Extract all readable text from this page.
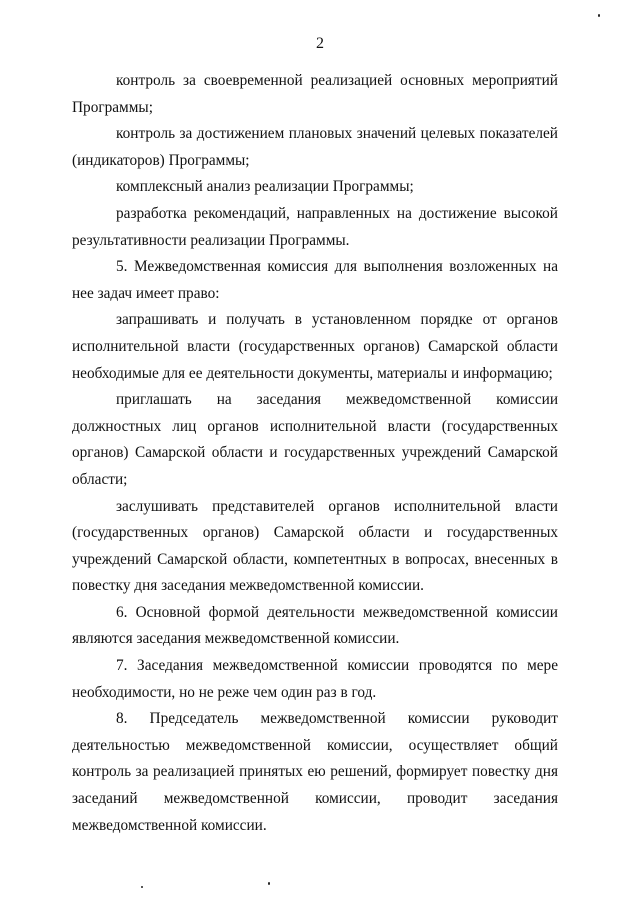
2

контроль за своевременной реализацией основных мероприятий Программы;

контроль за достижением плановых значений целевых показателей (индикаторов) Программы;

комплексный анализ реализации Программы;

разработка рекомендаций, направленных на достижение высокой результативности реализации Программы.

5. Межведомственная комиссия для выполнения возложенных на нее задач имеет право:

запрашивать и получать в установленном порядке от органов исполнительной власти (государственных органов) Самарской области необходимые для ее деятельности документы, материалы и информацию;

приглашать на заседания межведомственной комиссии должностных лиц органов исполнительной власти (государственных органов) Самарской области и государственных учреждений Самарской области;

заслушивать представителей органов исполнительной власти (государственных органов) Самарской области и государственных учреждений Самарской области, компетентных в вопросах, внесенных в повестку дня заседания межведомственной комиссии.

6. Основной формой деятельности межведомственной комиссии являются заседания межведомственной комиссии.

7. Заседания межведомственной комиссии проводятся по мере необходимости, но не реже чем один раз в год.

8. Председатель межведомственной комиссии руководит деятельностью межведомственной комиссии, осуществляет общий контроль за реализацией принятых ею решений, формирует повестку дня заседаний межведомственной комиссии, проводит заседания межведомственной комиссии.
